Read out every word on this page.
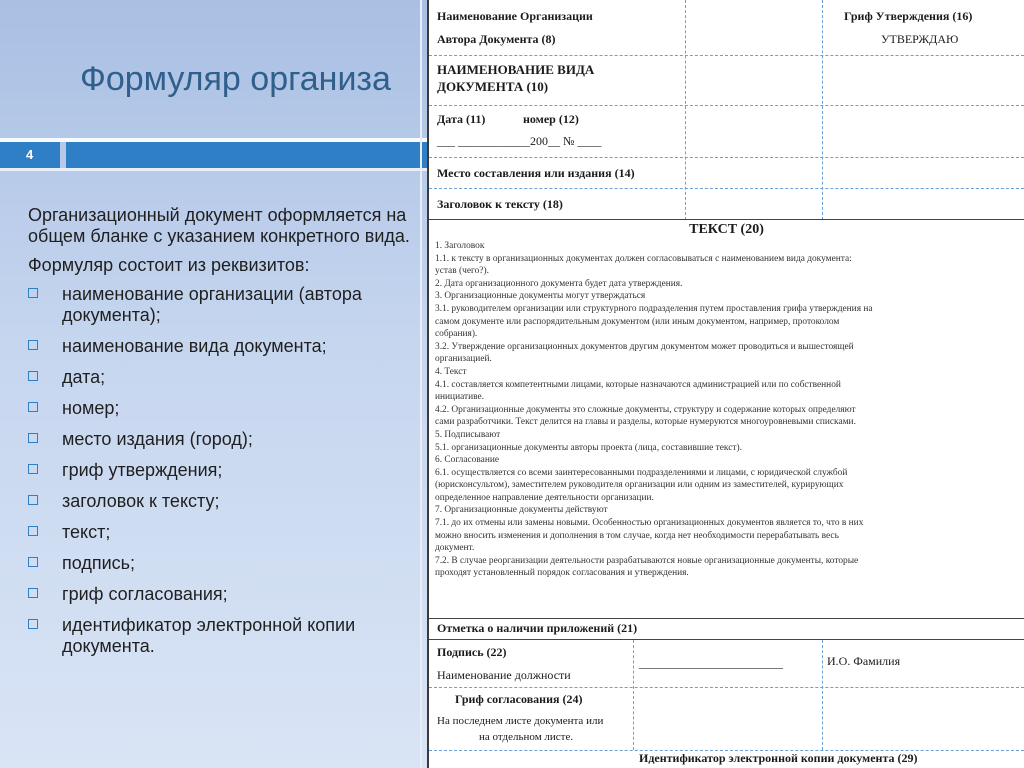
Формуляр организа
4

Организационный документ оформляется на общем бланке с указанием конкретного вида.

Формуляр состоит из реквизитов:

наименование организации (автора документа);
наименование вида документа;
дата;
номер;
место издания (город);
гриф утверждения;
заголовок к тексту;
текст;
подпись;
гриф согласования;
идентификатор электронной копии документа.
Наименование Организации
Автора Документа (8)
Гриф Утверждения (16)
УТВЕРЖДАЮ
НАИМЕНОВАНИЕ ВИДА
ДОКУМЕНТА (10)
Дата (11)	номер (12)
___ ____________200__ № ____
Место составления или издания (14)
Заголовок к тексту (18)
ТЕКСТ (20)
1. Заголовок
1.1. к тексту в организационных документах должен согласовываться с наименованием вида документа:
устав (чего?).
2. Дата организационного документа будет дата утверждения.
3. Организационные документы могут утверждаться
3.1. руководителем организации или структурного подразделения путем проставления грифа утверждения на
самом документе или распорядительным документом (или иным документом, например, протоколом
собрания).
3.2. Утверждение организационных документов другим документом может проводиться и вышестоящей
организацией.
4. Текст
4.1. составляется компетентными лицами, которые назначаются администрацией или по собственной
инициативе.
4.2. Организационные документы это сложные документы, структуру и содержание которых определяют
сами разработчики. Текст делится на главы и разделы, которые нумеруются многоуровневыми списками.
5. Подписывают
5.1. организационные документы авторы проекта (лица, составившие текст).
6. Согласование
6.1. осуществляется со всеми заинтересованными подразделениями и лицами, с юридической службой
(юрисконсультом), заместителем руководителя организации или одним из заместителей, курирующих
определенное направление деятельности организации.
7. Организационные документы действуют
7.1. до их отмены или замены новыми. Особенностью организационных документов является то, что в них
можно вносить изменения и дополнения в том случае, когда нет необходимости перерабатывать весь
документ.
7.2. В случае реорганизации деятельности разрабатываются новые организационные документы, которые
проходят установленный порядок согласования и утверждения.
Отметка о наличии приложений (21)
Подпись (22)
Наименование должности
________________________	И.О. Фамилия
Гриф согласования (24)
На последнем листе документа или
на отдельном листе.
Идентификатор электронной копии документа (29)
